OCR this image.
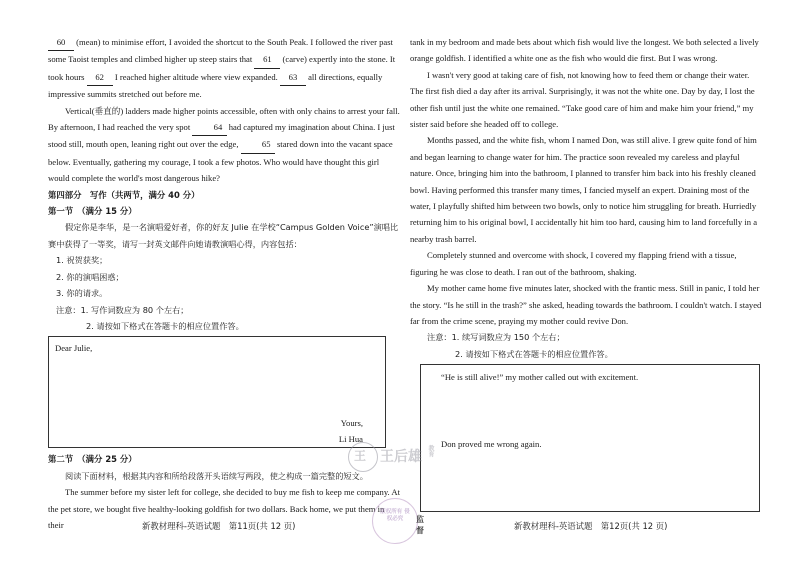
 60  (mean) to minimise effort, I avoided the shortcut to the South Peak. I followed the river past some Taoist temples and climbed higher up steep stairs that  61  (carve) expertly into the stone. It took hours  62  I reached higher altitude where view expanded.  63  all directions, equally impressive summits stretched out before me.

Vertical(垂直的) ladders made higher points accessible, often with only chains to arrest your fall. By afternoon, I had reached the very spot  64  had captured my imagination about China. I just stood still, mouth open, leaning right out over the edge,  65  stared down into the vacant space below. Eventually, gathering my courage, I took a few photos. Who would have thought this girl would complete the world's most dangerous hike?

第四部分　写作（共两节，满分 40 分）

第一节　（满分 15 分）

假定你是李华，是一名演唱爱好者，你的好友 Julie 在学校“Campus Golden Voice”演唱比赛中获得了一等奖，请写一封英文邮件向她请教演唱心得，内容包括：

1. 祝贺获奖；

2. 你的演唱困惑；

3. 你的请求。

注意：1. 写作词数应为 80 个左右；

2. 请按如下格式在答题卡的相应位置作答。

Dear Julie,
Yours,
Li Hua

第二节　（满分 25 分）

阅读下面材料，根据其内容和所给段落开头语续写两段，使之构成一篇完整的短文。

The summer before my sister left for college, she decided to buy me fish to keep me company. At the pet store, we bought five healthy-looking goldfish for two dollars. Back home, we put them in their	新教材理科-英语试题　第11页(共 12 页)

tank in my bedroom and made bets about which fish would live the longest. We both selected a lively orange goldfish. I identified a white one as the fish who would die first. But I was wrong.

I wasn't very good at taking care of fish, not knowing how to feed them or change their water. The first fish died a day after its arrival. Surprisingly, it was not the white one. Day by day, I lost the other fish until just the white one remained. “Take good care of him and make him your friend,” my sister said before she headed off to college.

Months passed, and the white fish, whom I named Don, was still alive. I grew quite fond of him and began learning to change water for him. The practice soon revealed my careless and playful nature. Once, bringing him into the bathroom, I planned to transfer him back into his freshly cleaned bowl. Having performed this transfer many times, I fancied myself an expert. Draining most of the water, I playfully shifted him between two bowls, only to notice him struggling for breath. Hurriedly returning him to his original bowl, I accidentally hit him too hard, causing him to land forcefully in a nearby trash barrel.

Completely stunned and overcome with shock, I covered my flapping friend with a tissue, figuring he was close to death. I ran out of the bathroom, shaking.

My mother came home five minutes later, shocked with the frantic mess. Still in panic, I told her the story. “Is he still in the trash?” she asked, heading towards the bathroom. I couldn't watch. I stayed far from the crime scene, praying my mother could revive Don.

注意：1. 续写词数应为 150 个左右；

2. 请按如下格式在答题卡的相应位置作答。

“He is still alive!” my mother called out with excitement.
Don proved me wrong again.
新教材理科-英语试题　第12页(共 12 页)
王 王后雄 教育
版权所有 侵权必究	监督
